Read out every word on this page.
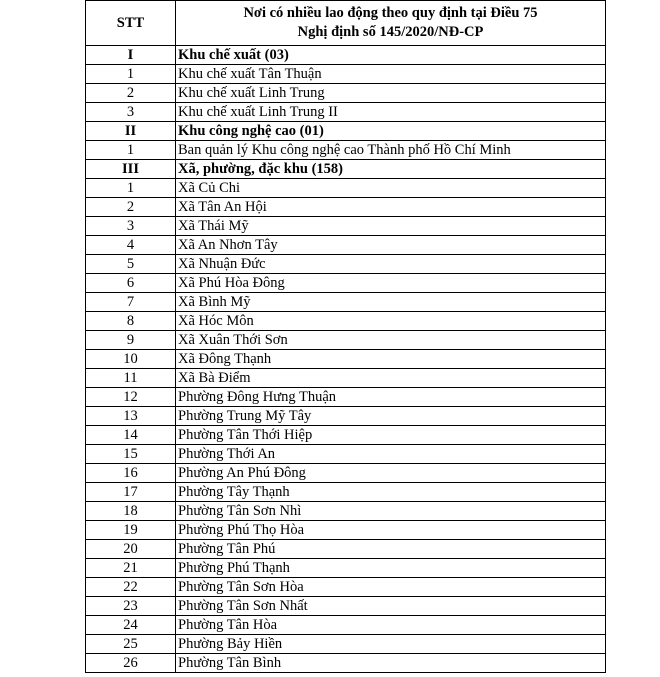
STT	Nơi có nhiều lao động theo quy định tại Điều 75
Nghị định số 145/2020/NĐ-CP

I	Khu chế xuất (03)
1	Khu chế xuất Tân Thuận
2	Khu chế xuất Linh Trung
3	Khu chế xuất Linh Trung II
II	Khu công nghệ cao (01)
1	Ban quản lý Khu công nghệ cao Thành phố Hồ Chí Minh
III	Xã, phường, đặc khu (158)
1	Xã Củ Chi
2	Xã Tân An Hội
3	Xã Thái Mỹ
4	Xã An Nhơn Tây
5	Xã Nhuận Đức
6	Xã Phú Hòa Đông
7	Xã Bình Mỹ
8	Xã Hóc Môn
9	Xã Xuân Thới Sơn
10	Xã Đông Thạnh
11	Xã Bà Điểm
12	Phường Đông Hưng Thuận
13	Phường Trung Mỹ Tây
14	Phường Tân Thới Hiệp
15	Phường Thới An
16	Phường An Phú Đông
17	Phường Tây Thạnh
18	Phường Tân Sơn Nhì
19	Phường Phú Thọ Hòa
20	Phường Tân Phú
21	Phường Phú Thạnh
22	Phường Tân Sơn Hòa
23	Phường Tân Sơn Nhất
24	Phường Tân Hòa
25	Phường Bảy Hiền
26	Phường Tân Bình
